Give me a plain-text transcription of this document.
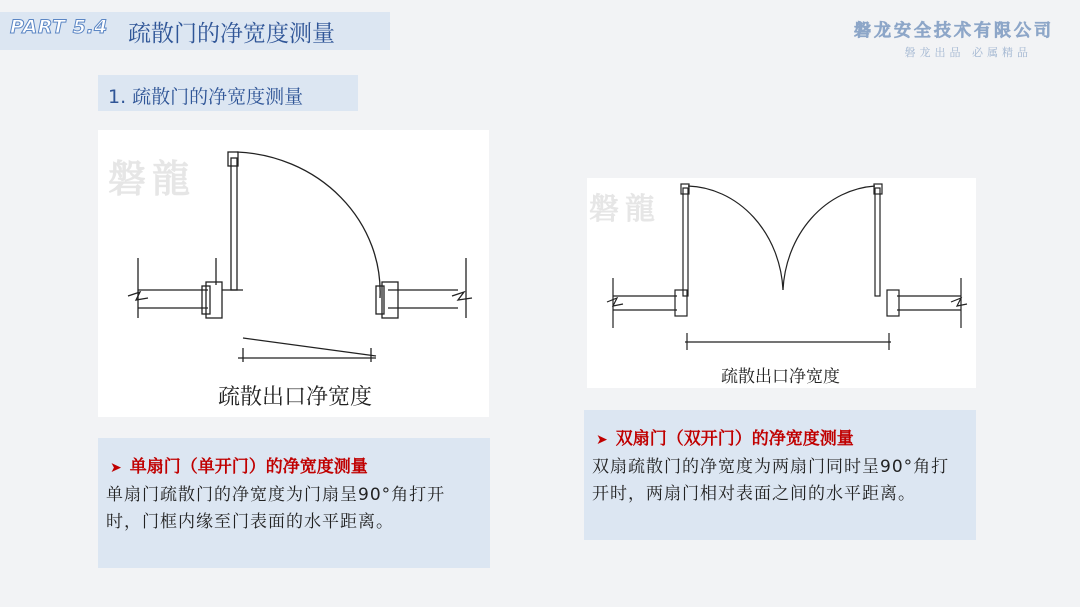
PART 5.4 疏散门的净宽度测量	磐龙安全技术有限公司
磐龙出品 必属精品
1. 疏散门的净宽度测量
磐龍
疏散出口净宽度
磐龍
疏散出口净宽度
➤ 单扇门（单开门）的净宽度测量
单扇门疏散门的净宽度为门扇呈90°角打开时，门框内缘至门表面的水平距离。
➤ 双扇门（双开门）的净宽度测量
双扇疏散门的净宽度为两扇门同时呈90°角打开时，两扇门相对表面之间的水平距离。
